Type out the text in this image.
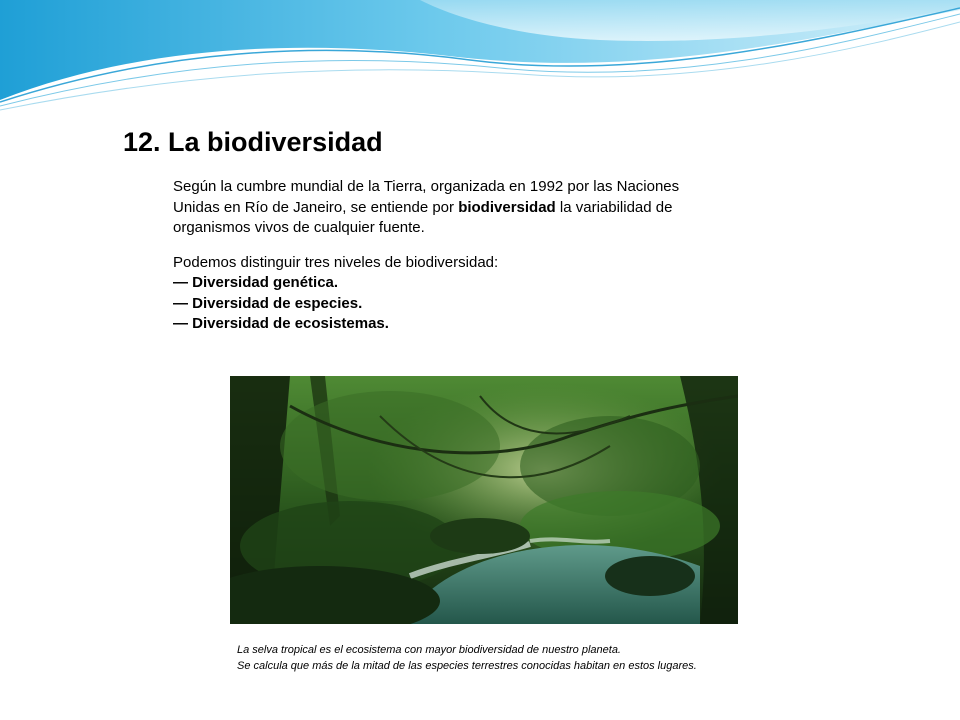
12. La biodiversidad

Según la cumbre mundial de la Tierra, organizada en 1992 por las Naciones
Unidas en Río de Janeiro, se entiende por biodiversidad la variabilidad de
organismos vivos de cualquier fuente.

Podemos distinguir tres niveles de biodiversidad:

— Diversidad genética.

— Diversidad de especies.

— Diversidad de ecosistemas.

La selva tropical es el ecosistema con mayor biodiversidad de nuestro planeta.
Se calcula que más de la mitad de las especies terrestres conocidas habitan en estos lugares.
